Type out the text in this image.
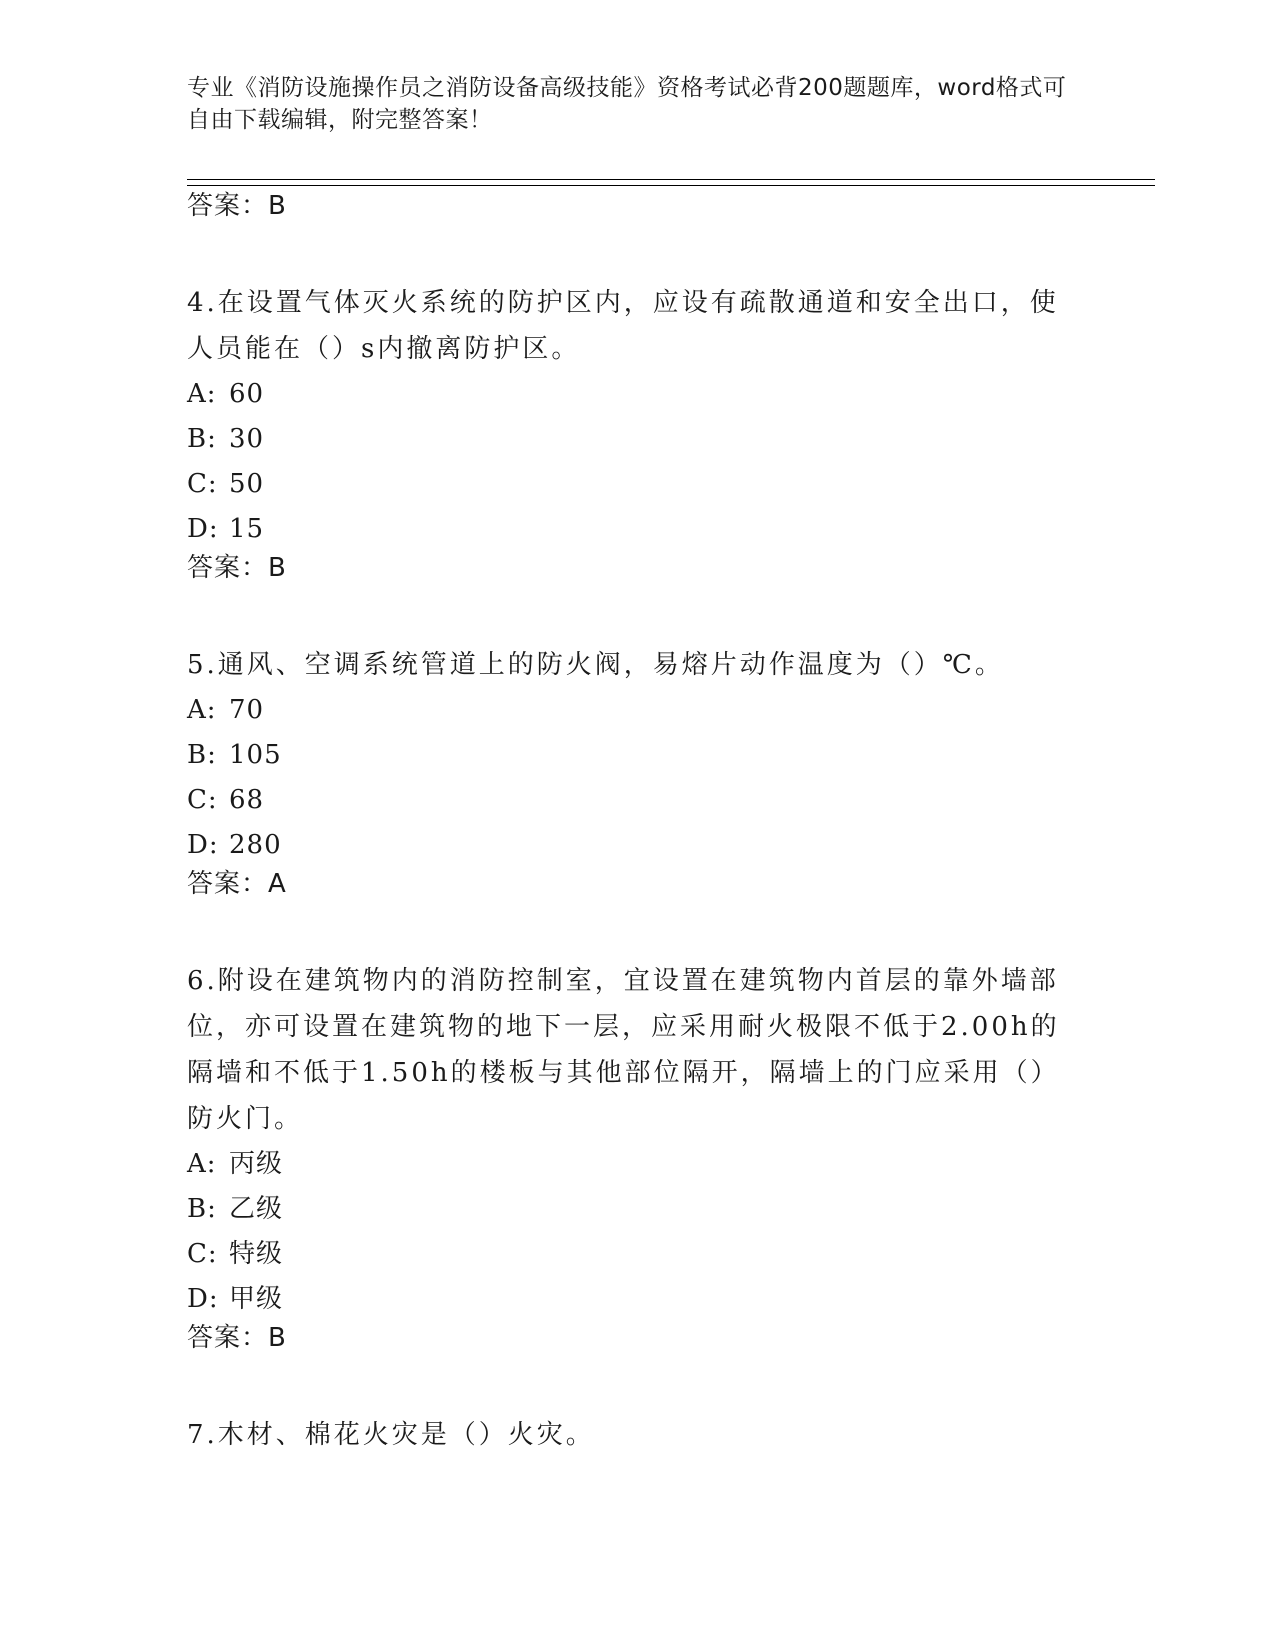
专业《消防设施操作员之消防设备高级技能》资格考试必背200题题库，word格式可自由下载编辑，附完整答案！

答案：B

4.在设置气体灭火系统的防护区内，应设有疏散通道和安全出口，使人员能在（）s内撤离防护区。

A: 60

B: 30

C: 50

D: 15

答案：B

5.通风、空调系统管道上的防火阀，易熔片动作温度为（）℃。

A: 70

B: 105

C: 68

D: 280

答案：A

6.附设在建筑物内的消防控制室，宜设置在建筑物内首层的靠外墙部位，亦可设置在建筑物的地下一层，应采用耐火极限不低于2.00h的隔墙和不低于1.50h的楼板与其他部位隔开，隔墙上的门应采用（）防火门。

A: 丙级

B: 乙级

C: 特级

D: 甲级

答案：B

7.木材、棉花火灾是（）火灾。
